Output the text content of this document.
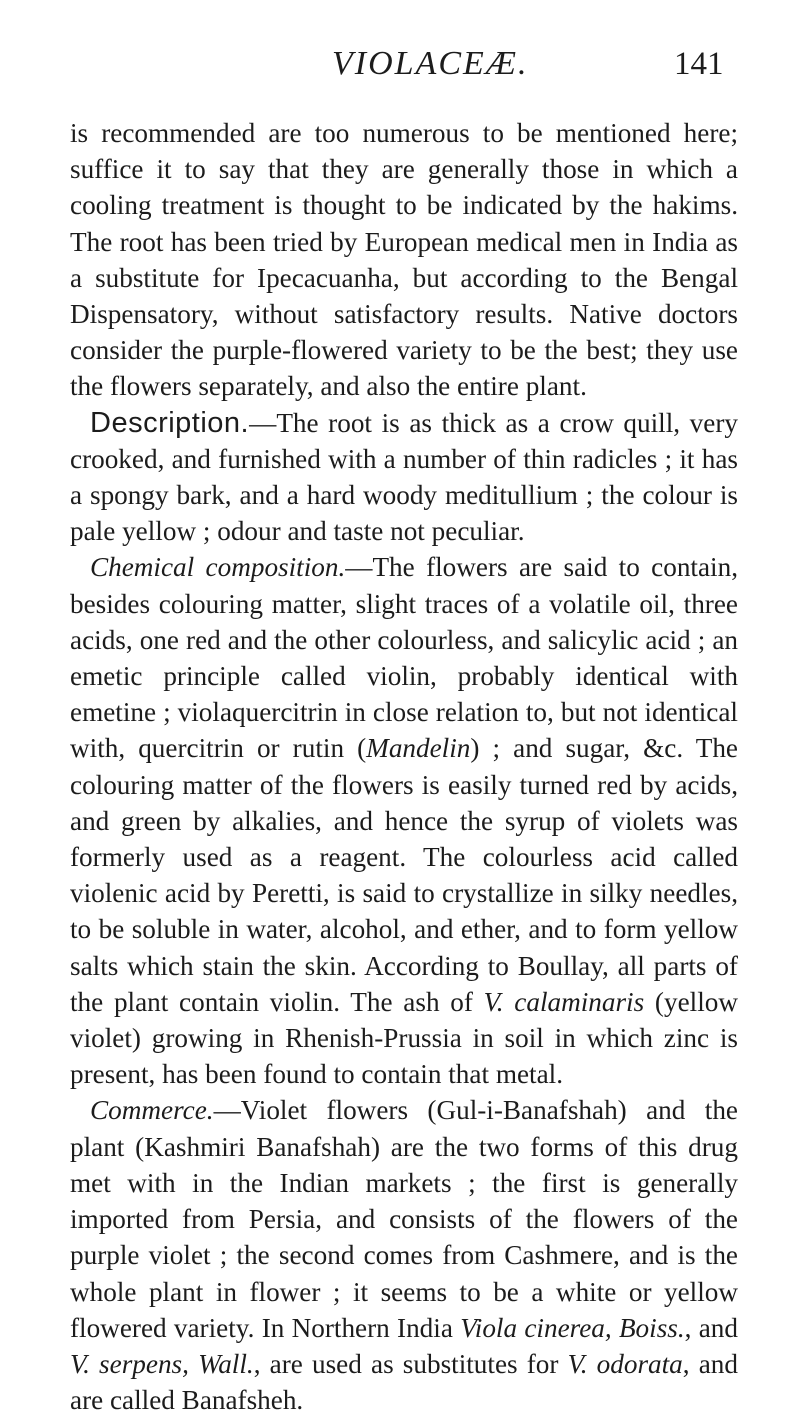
VIOLACEÆ.	141

is recommended are too numerous to be mentioned here; suffice it to say that they are generally those in which a cooling treatment is thought to be indicated by the hakims. The root has been tried by European medical men in India as a substitute for Ipecacuanha, but according to the Bengal Dispensatory, without satisfactory results. Native doctors consider the purple-flowered variety to be the best; they use the flowers separately, and also the entire plant.

Description.—The root is as thick as a crow quill, very crooked, and furnished with a number of thin radicles ; it has a spongy bark, and a hard woody meditullium ; the colour is pale yellow ; odour and taste not peculiar.

Chemical composition.—The flowers are said to contain, besides colouring matter, slight traces of a volatile oil, three acids, one red and the other colourless, and salicylic acid ; an emetic principle called violin, probably identical with emetine ; violaquercitrin in close relation to, but not identical with, quercitrin or rutin (Mandelin) ; and sugar, &c. The colouring matter of the flowers is easily turned red by acids, and green by alkalies, and hence the syrup of violets was formerly used as a reagent. The colourless acid called violenic acid by Peretti, is said to crystallize in silky needles, to be soluble in water, alcohol, and ether, and to form yellow salts which stain the skin. According to Boullay, all parts of the plant contain violin. The ash of V. calaminaris (yellow violet) growing in Rhenish-Prussia in soil in which zinc is present, has been found to contain that metal.

Commerce.—Violet flowers (Gul-i-Banafshah) and the plant (Kashmiri Banafshah) are the two forms of this drug met with in the Indian markets ; the first is generally imported from Persia, and consists of the flowers of the purple violet ; the second comes from Cashmere, and is the whole plant in flower ; it seems to be a white or yellow flowered variety. In Northern India Viola cinerea, Boiss., and V. serpens, Wall., are used as substitutes for V. odorata, and are called Banafsheh.
